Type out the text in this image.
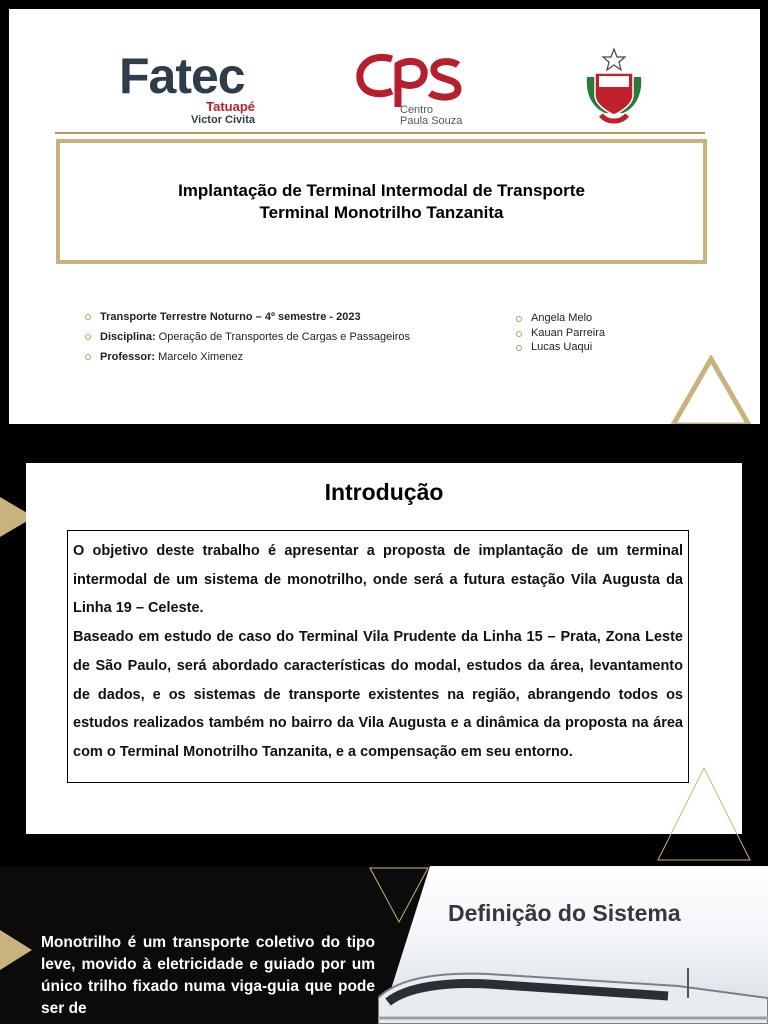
Fatec
Tatuapé
Victor Civita
Centro
Paula Souza
Implantação de Terminal Intermodal de Transporte
Terminal Monotrilho Tanzanita
Transporte Terrestre Noturno – 4º semestre - 2023
Disciplina: Operação de Transportes de Cargas e Passageiros
Professor: Marcelo Ximenez
Angela Melo
Kauan Parreira
Lucas Uaqui
Introdução

O objetivo deste trabalho é apresentar a proposta de implantação de um terminal intermodal de um sistema de monotrilho, onde será a futura estação Vila Augusta da Linha 19 – Celeste.

Baseado em estudo de caso do Terminal Vila Prudente da Linha 15 – Prata, Zona Leste de São Paulo, será abordado características do modal, estudos da área, levantamento de dados, e os sistemas de transporte existentes na região, abrangendo todos os estudos realizados também no bairro da Vila Augusta e a dinâmica da proposta na área com o Terminal Monotrilho Tanzanita, e a compensação em seu entorno.

Definição do Sistema

Monotrilho é um transporte coletivo do tipo leve, movido à eletricidade e guiado por um único trilho fixado numa viga-guia que pode ser de
